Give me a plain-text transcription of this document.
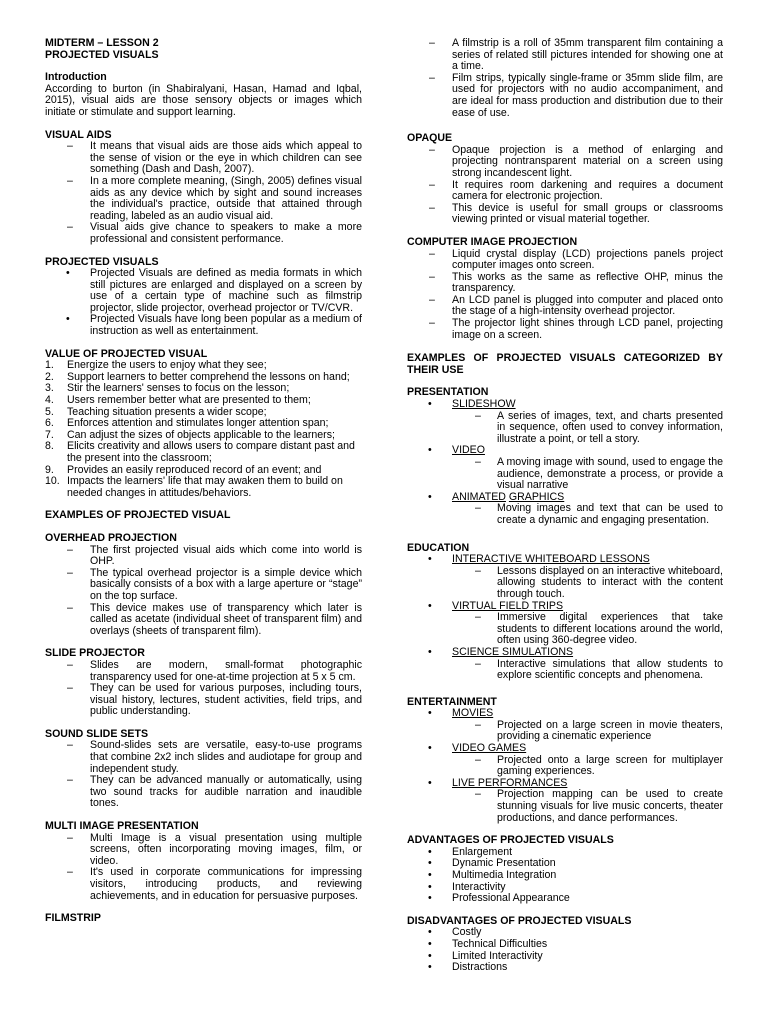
MIDTERM – LESSON 2
PROJECTED VISUALS
Introduction

According to burton (in Shabiralyani, Hasan, Hamad and Iqbal, 2015), visual aids are those sensory objects or images which initiate or stimulate and support learning.

VISUAL AIDS
– It means that visual aids are those aids which appeal to the sense of vision or the eye in which children can see something (Dash and Dash, 2007).
– In a more complete meaning, (Singh, 2005) defines visual aids as any device which by sight and sound increases the individual's practice, outside that attained through reading, labeled as an audio visual aid.
– Visual aids give chance to speakers to make a more professional and consistent performance.
PROJECTED VISUALS
• Projected Visuals are defined as media formats in which still pictures are enlarged and displayed on a screen by use of a certain type of machine such as filmstrip projector, slide projector, overhead projector or TV/CVR.
• Projected Visuals have long been popular as a medium of instruction as well as entertainment.
VALUE OF PROJECTED VISUAL
1. Energize the users to enjoy what they see;
2. Support learners to better comprehend the lessons on hand;
3. Stir the learners' senses to focus on the lesson;
4. Users remember better what are presented to them;
5. Teaching situation presents a wider scope;
6. Enforces attention and stimulates longer attention span;
7. Can adjust the sizes of objects applicable to the learners;
8. Elicits creativity and allows users to compare distant past and the present into the classroom;
9. Provides an easily reproduced record of an event; and
10. Impacts the learners' life that may awaken them to build on needed changes in attitudes/behaviors.
EXAMPLES OF PROJECTED VISUAL
OVERHEAD PROJECTION
– The first projected visual aids which come into world is OHP.
– The typical overhead projector is a simple device which basically consists of a box with a large aperture or “stage” on the top surface.
– This device makes use of transparency which later is called as acetate (individual sheet of transparent film) and overlays (sheets of transparent film).
SLIDE PROJECTOR
– Slides are modern, small-format photographic transparency used for one-at-time projection at 5 x 5 cm.
– They can be used for various purposes, including tours, visual history, lectures, student activities, field trips, and public understanding.
SOUND SLIDE SETS
– Sound-slides sets are versatile, easy-to-use programs that combine 2x2 inch slides and audiotape for group and independent study.
– They can be advanced manually or automatically, using two sound tracks for audible narration and inaudible tones.
MULTI IMAGE PRESENTATION
– Multi Image is a visual presentation using multiple screens, often incorporating moving images, film, or video.
– It's used in corporate communications for impressing visitors, introducing products, and reviewing achievements, and in education for persuasive purposes.
FILMSTRIP
– A filmstrip is a roll of 35mm transparent film containing a series of related still pictures intended for showing one at a time.
– Film strips, typically single-frame or 35mm slide film, are used for projectors with no audio accompaniment, and are ideal for mass production and distribution due to their ease of use.
OPAQUE
– Opaque projection is a method of enlarging and projecting nontransparent material on a screen using strong incandescent light.
– It requires room darkening and requires a document camera for electronic projection.
– This device is useful for small groups or classrooms viewing printed or visual material together.
COMPUTER IMAGE PROJECTION
– Liquid crystal display (LCD) projections panels project computer images onto screen.
– This works as the same as reflective OHP, minus the transparency.
– An LCD panel is plugged into computer and placed onto the stage of a high-intensity overhead projector.
– The projector light shines through LCD panel, projecting image on a screen.
EXAMPLES OF PROJECTED VISUALS CATEGORIZED BY THEIR USE
PRESENTATION
• SLIDESHOW
– A series of images, text, and charts presented in sequence, often used to convey information, illustrate a point, or tell a story.
• VIDEO
– A moving image with sound, used to engage the audience, demonstrate a process, or provide a visual narrative
• ANIMATED GRAPHICS
– Moving images and text that can be used to create a dynamic and engaging presentation.
EDUCATION
• INTERACTIVE WHITEBOARD LESSONS
– Lessons displayed on an interactive whiteboard, allowing students to interact with the content through touch.
• VIRTUAL FIELD TRIPS
– Immersive digital experiences that take students to different locations around the world, often using 360-degree video.
• SCIENCE SIMULATIONS
– Interactive simulations that allow students to explore scientific concepts and phenomena.
ENTERTAINMENT
• MOVIES
– Projected on a large screen in movie theaters, providing a cinematic experience
• VIDEO GAMES
– Projected onto a large screen for multiplayer gaming experiences.
• LIVE PERFORMANCES
– Projection mapping can be used to create stunning visuals for live music concerts, theater productions, and dance performances.
ADVANTAGES OF PROJECTED VISUALS
• Enlargement
• Dynamic Presentation
• Multimedia Integration
• Interactivity
• Professional Appearance
DISADVANTAGES OF PROJECTED VISUALS
• Costly
• Technical Difficulties
• Limited Interactivity
• Distractions
